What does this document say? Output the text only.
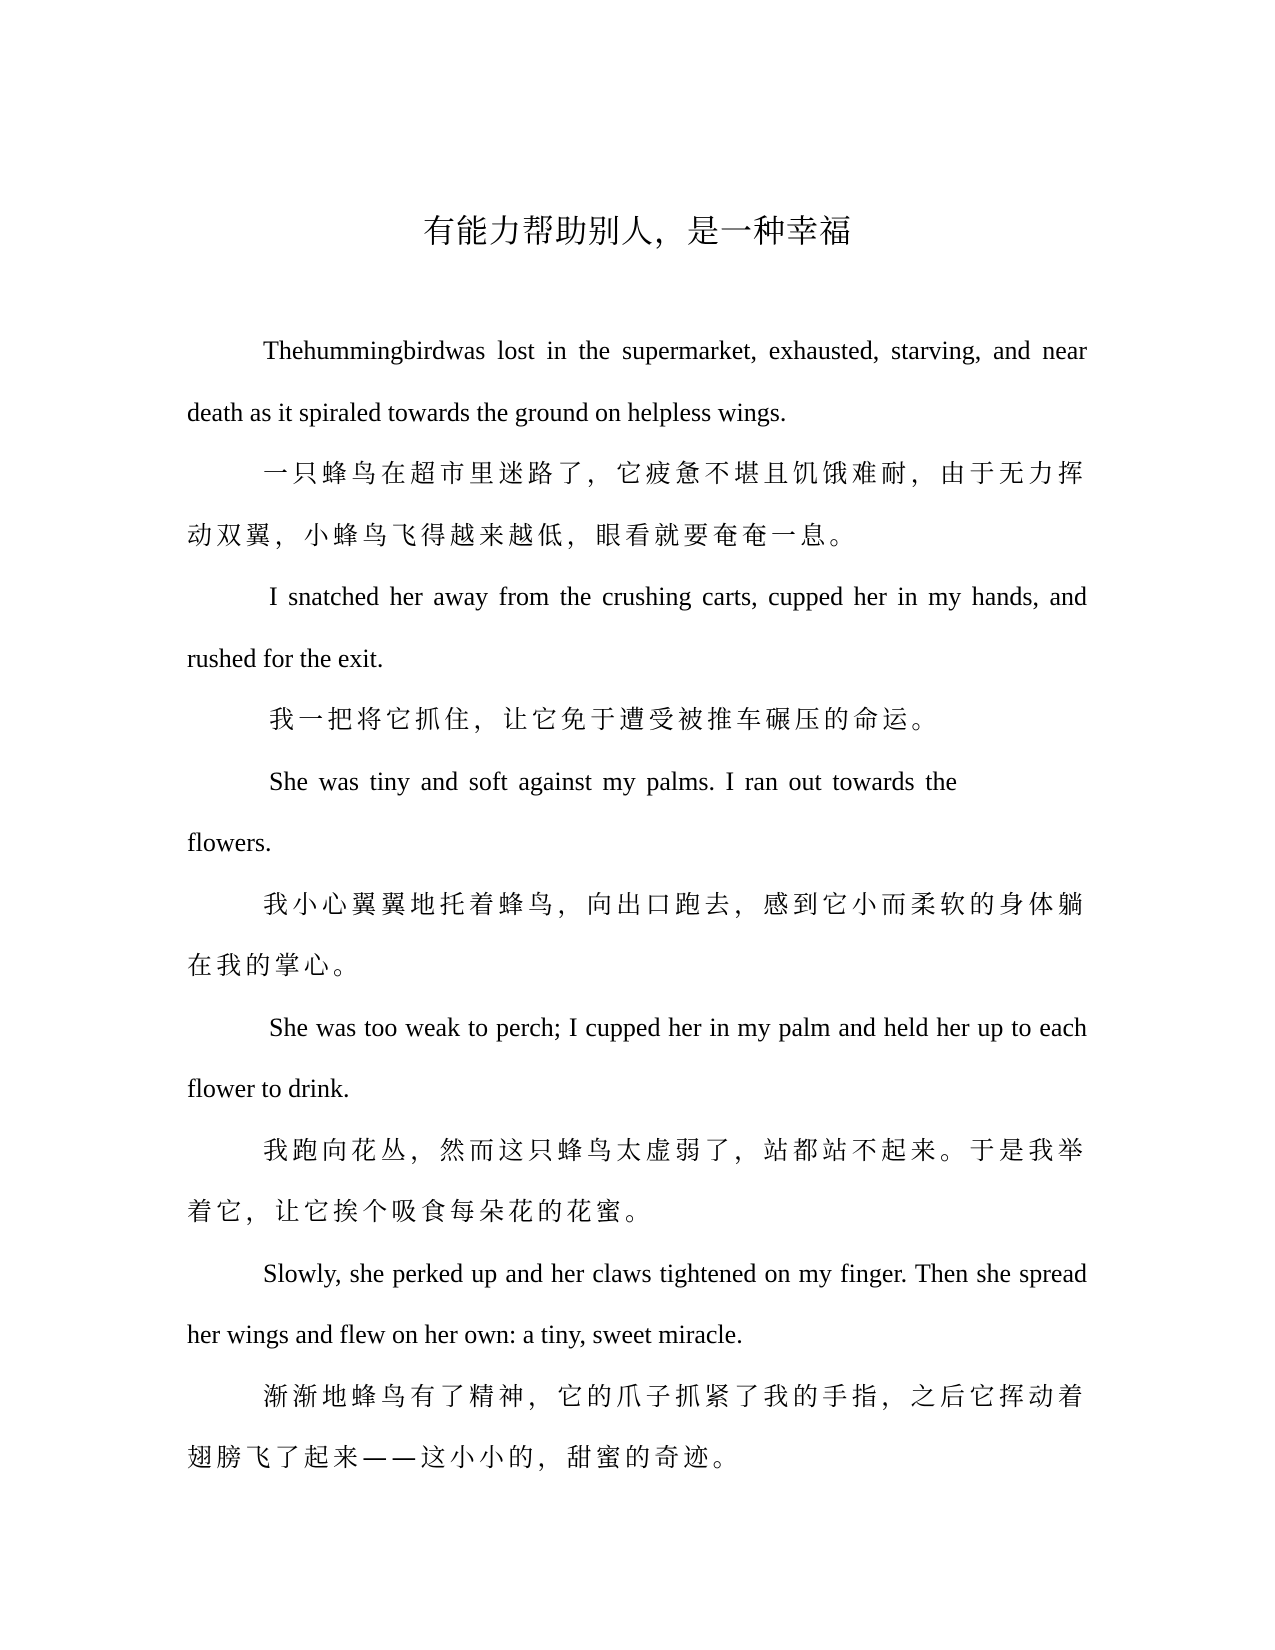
有能力帮助别人，是一种幸福

Thehummingbirdwas lost in the supermarket, exhausted, starving, and near death as it spiraled towards the ground on helpless wings.

一只蜂鸟在超市里迷路了，它疲惫不堪且饥饿难耐，由于无力挥动双翼，小蜂鸟飞得越来越低，眼看就要奄奄一息。

I snatched her away from the crushing carts, cupped her in my hands, and rushed for the exit.

我一把将它抓住，让它免于遭受被推车碾压的命运。

She was tiny and soft against my palms. I ran out towards the flowers.

我小心翼翼地托着蜂鸟，向出口跑去，感到它小而柔软的身体躺在我的掌心。

She was too weak to perch; I cupped her in my palm and held her up to each flower to drink.

我跑向花丛，然而这只蜂鸟太虚弱了，站都站不起来。于是我举着它，让它挨个吸食每朵花的花蜜。

Slowly, she perked up and her claws tightened on my finger. Then she spread her wings and flew on her own: a tiny, sweet miracle.

渐渐地蜂鸟有了精神，它的爪子抓紧了我的手指，之后它挥动着翅膀飞了起来——这小小的，甜蜜的奇迹。
